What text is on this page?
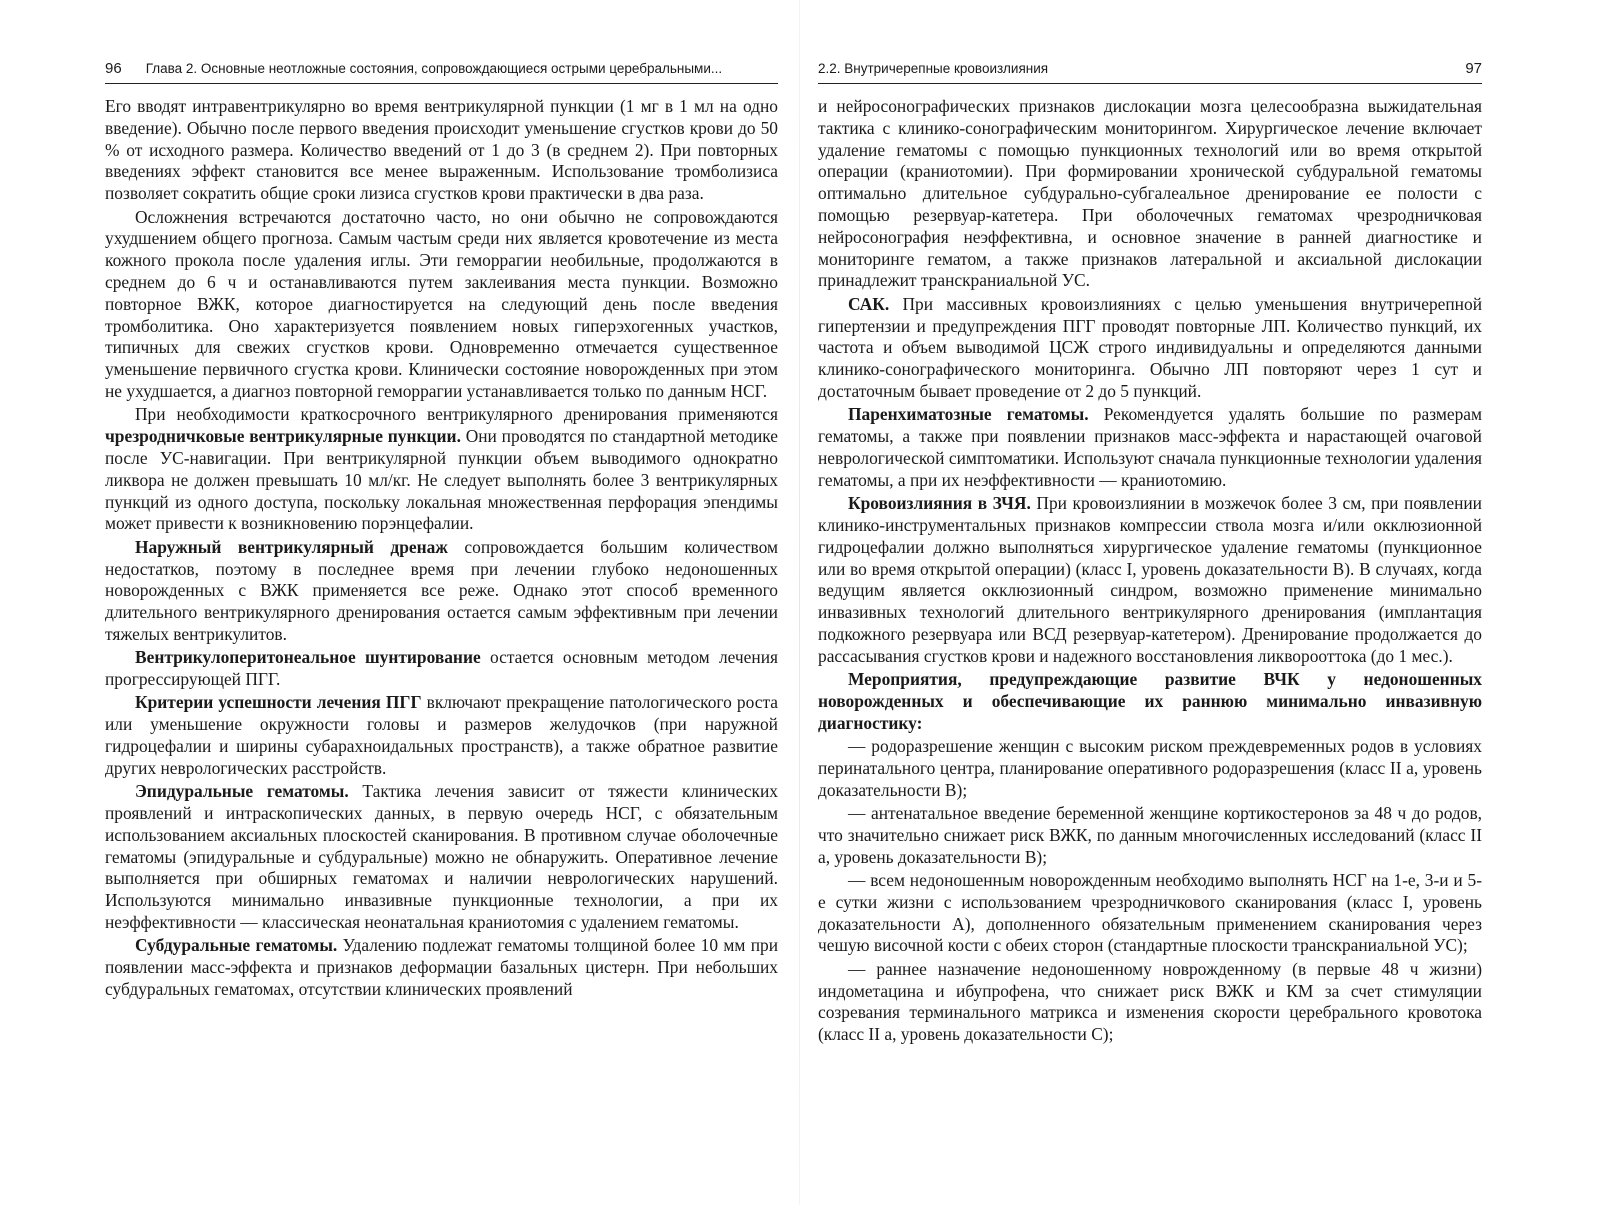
96 Глава 2. Основные неотложные состояния, сопровождающиеся острыми церебральными...

Его вводят интравентрикулярно во время вентрикулярной пункции (1 мг в 1 мл на одно введение). Обычно после первого введения происходит уменьшение сгустков крови до 50 % от исходного размера. Количество введений от 1 до 3 (в среднем 2). При повторных введениях эффект становится все менее выраженным. Использование тромболизиса позволяет сократить общие сроки лизиса сгустков крови практически в два раза.

Осложнения встречаются достаточно часто, но они обычно не сопровождаются ухудшением общего прогноза. Самым частым среди них является кровотечение из места кожного прокола после удаления иглы. Эти геморрагии необильные, продолжаются в среднем до 6 ч и останавливаются путем заклеивания места пункции. Возможно повторное ВЖК, которое диагностируется на следующий день после введения тромболитика. Оно характеризуется появлением новых гиперэхогенных участков, типичных для свежих сгустков крови. Одновременно отмечается существенное уменьшение первичного сгустка крови. Клинически состояние новорожденных при этом не ухудшается, а диагноз повторной геморрагии устанавливается только по данным НСГ.

При необходимости краткосрочного вентрикулярного дренирования применяются чрезродничковые вентрикулярные пункции. Они проводятся по стандартной методике после УС-навигации. При вентрикулярной пункции объем выводимого однократно ликвора не должен превышать 10 мл/кг. Не следует выполнять более 3 вентрикулярных пункций из одного доступа, поскольку локальная множественная перфорация эпендимы может привести к возникновению порэнцефалии.

Наружный вентрикулярный дренаж сопровождается большим количеством недостатков, поэтому в последнее время при лечении глубоко недоношенных новорожденных с ВЖК применяется все реже. Однако этот способ временного длительного вентрикулярного дренирования остается самым эффективным при лечении тяжелых вентрикулитов.

Вентрикулоперитонеальное шунтирование остается основным методом лечения прогрессирующей ПГГ.

Критерии успешности лечения ПГГ включают прекращение патологического роста или уменьшение окружности головы и размеров желудочков (при наружной гидроцефалии и ширины субарахноидальных пространств), а также обратное развитие других неврологических расстройств.

Эпидуральные гематомы. Тактика лечения зависит от тяжести клинических проявлений и интраскопических данных, в первую очередь НСГ, с обязательным использованием аксиальных плоскостей сканирования. В противном случае оболочечные гематомы (эпидуральные и субдуральные) можно не обнаружить. Оперативное лечение выполняется при обширных гематомах и наличии неврологических нарушений. Используются минимально инвазивные пункционные технологии, а при их неэффективности — классическая неонатальная краниотомия с удалением гематомы.

Субдуральные гематомы. Удалению подлежат гематомы толщиной более 10 мм при появлении масс-эффекта и признаков деформации базальных цистерн. При небольших субдуральных гематомах, отсутствии клинических проявлений

2.2. Внутричерепные кровоизлияния	97

и нейросонографических признаков дислокации мозга целесообразна выжидательная тактика с клинико-сонографическим мониторингом. Хирургическое лечение включает удаление гематомы с помощью пункционных технологий или во время открытой операции (краниотомии). При формировании хронической субдуральной гематомы оптимально длительное субдурально-субгалеальное дренирование ее полости с помощью резервуар-катетера. При оболочечных гематомах чрезродничковая нейросонография неэффективна, и основное значение в ранней диагностике и мониторинге гематом, а также признаков латеральной и аксиальной дислокации принадлежит транскраниальной УС.

САК. При массивных кровоизлияниях с целью уменьшения внутричерепной гипертензии и предупреждения ПГГ проводят повторные ЛП. Количество пункций, их частота и объем выводимой ЦСЖ строго индивидуальны и определяются данными клинико-сонографического мониторинга. Обычно ЛП повторяют через 1 сут и достаточным бывает проведение от 2 до 5 пункций.

Паренхиматозные гематомы. Рекомендуется удалять большие по размерам гематомы, а также при появлении признаков масс-эффекта и нарастающей очаговой неврологической симптоматики. Используют сначала пункционные технологии удаления гематомы, а при их неэффективности — краниотомию.

Кровоизлияния в ЗЧЯ. При кровоизлиянии в мозжечок более 3 см, при появлении клинико-инструментальных признаков компрессии ствола мозга и/или окклюзионной гидроцефалии должно выполняться хирургическое удаление гематомы (пункционное или во время открытой операции) (класс I, уровень доказательности В). В случаях, когда ведущим является окклюзионный синдром, возможно применение минимально инвазивных технологий длительного вентрикулярного дренирования (имплантация подкожного резервуара или ВСД резервуар-катетером). Дренирование продолжается до рассасывания сгустков крови и надежного восстановления ликворооттока (до 1 мес.).

Мероприятия, предупреждающие развитие ВЧК у недоношенных новорожденных и обеспечивающие их раннюю минимально инвазивную диагностику:

— родоразрешение женщин с высоким риском преждевременных родов в условиях перинатального центра, планирование оперативного родоразрешения (класс II а, уровень доказательности В);

— антенатальное введение беременной женщине кортикостеронов за 48 ч до родов, что значительно снижает риск ВЖК, по данным многочисленных исследований (класс II а, уровень доказательности В);

— всем недоношенным новорожденным необходимо выполнять НСГ на 1-е, 3-и и 5-е сутки жизни с использованием чрезродничкового сканирования (класс I, уровень доказательности А), дополненного обязательным применением сканирования через чешую височной кости с обеих сторон (стандартные плоскости транскраниальной УС);

— раннее назначение недоношенному новрожденному (в первые 48 ч жизни) индометацина и ибупрофена, что снижает риск ВЖК и КМ за счет стимуляции созревания терминального матрикса и изменения скорости церебрального кровотока (класс II а, уровень доказательности С);
